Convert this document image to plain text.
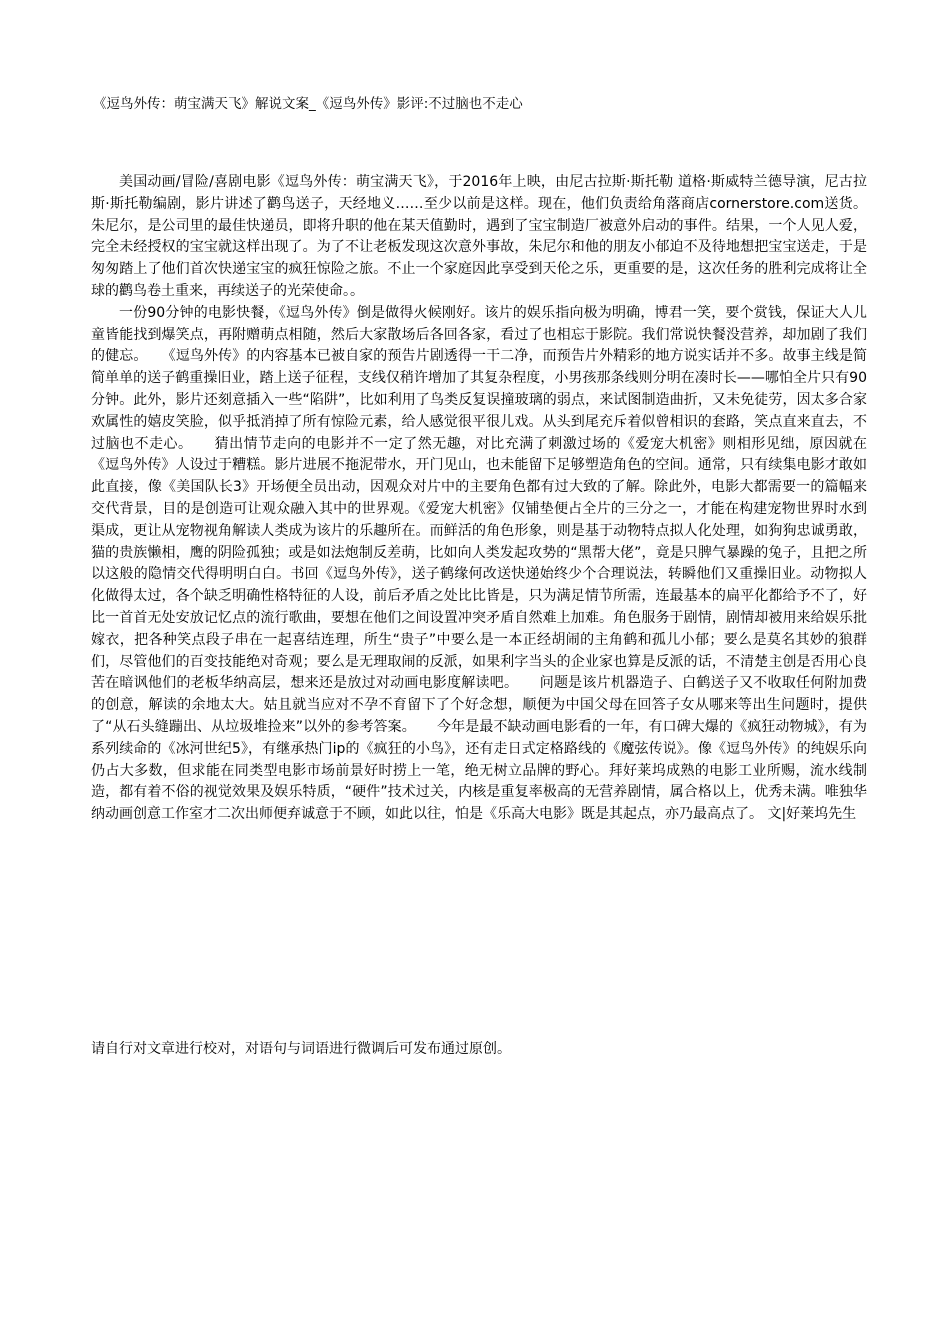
《逗鸟外传：萌宝满天飞》解说文案_《逗鸟外传》影评:不过脑也不走心

美国动画/冒险/喜剧电影《逗鸟外传：萌宝满天飞》，于2016年上映，由尼古拉斯·斯托勒 道格·斯威特兰德导演，尼古拉斯·斯托勒编剧，影片讲述了鹳鸟送子，天经地义……至少以前是这样。现在，他们负责给角落商店cornerstore.com送货。朱尼尔，是公司里的最佳快递员，即将升职的他在某天值勤时，遇到了宝宝制造厂被意外启动的事件。结果，一个人见人爱，完全未经授权的宝宝就这样出现了。为了不让老板发现这次意外事故，朱尼尔和他的朋友小郁迫不及待地想把宝宝送走，于是匆匆踏上了他们首次快递宝宝的疯狂惊险之旅。不止一个家庭因此享受到天伦之乐，更重要的是，这次任务的胜利完成将让全球的鹳鸟卷土重来，再续送子的光荣使命。。

一份90分钟的电影快餐，《逗鸟外传》倒是做得火候刚好。该片的娱乐指向极为明确，博君一笑，要个赏钱，保证大人儿童皆能找到爆笑点，再附赠萌点相随，然后大家散场后各回各家，看过了也相忘于影院。我们常说快餐没营养，却加剧了我们的健忘。　　《逗鸟外传》的内容基本已被自家的预告片剧透得一干二净，而预告片外精彩的地方说实话并不多。故事主线是简简单单的送子鹤重操旧业，踏上送子征程，支线仅稍许增加了其复杂程度，小男孩那条线则分明在凑时长——哪怕全片只有90分钟。此外，影片还刻意插入一些“陷阱”，比如利用了鸟类反复误撞玻璃的弱点，来试图制造曲折，又未免徒劳，因太多合家欢属性的嬉皮笑脸，似乎抵消掉了所有惊险元素，给人感觉很平很儿戏。从头到尾充斥着似曾相识的套路，笑点直来直去，不过脑也不走心。　　猜出情节走向的电影并不一定了然无趣，对比充满了刺激过场的《爱宠大机密》则相形见绌，原因就在《逗鸟外传》人设过于糟糕。影片进展不拖泥带水，开门见山，也未能留下足够塑造角色的空间。通常，只有续集电影才敢如此直接，像《美国队长3》开场便全员出动，因观众对片中的主要角色都有过大致的了解。除此外，电影大都需要一的篇幅来交代背景，目的是创造可让观众融入其中的世界观。《爱宠大机密》仅铺垫便占全片的三分之一，才能在构建宠物世界时水到渠成，更让从宠物视角解读人类成为该片的乐趣所在。而鲜活的角色形象，则是基于动物特点拟人化处理，如狗狗忠诚勇敢，猫的贵族懒相，鹰的阴险孤独；或是如法炮制反差萌，比如向人类发起攻势的“黑帮大佬”，竟是只脾气暴躁的兔子，且把之所以这般的隐情交代得明明白白。书回《逗鸟外传》，送子鹤缘何改送快递始终少个合理说法，转瞬他们又重操旧业。动物拟人化做得太过，各个缺乏明确性格特征的人设，前后矛盾之处比比皆是，只为满足情节所需，连最基本的扁平化都给予不了，好比一首首无处安放记忆点的流行歌曲，要想在他们之间设置冲突矛盾自然难上加难。角色服务于剧情，剧情却被用来给娱乐批嫁衣，把各种笑点段子串在一起喜结连理，所生“贵子”中要么是一本正经胡闹的主角鹤和孤儿小郁；要么是莫名其妙的狼群们，尽管他们的百变技能绝对奇观；要么是无理取闹的反派，如果利字当头的企业家也算是反派的话，不清楚主创是否用心良苦在暗讽他们的老板华纳高层，想来还是放过对动画电影度解读吧。　　问题是该片机器造子、白鹤送子又不收取任何附加费的创意，解读的余地太大。姑且就当应对不孕不育留下了个好念想，顺便为中国父母在回答子女从哪来等出生问题时，提供了“从石头缝蹦出、从垃圾堆捡来”以外的参考答案。　　今年是最不缺动画电影看的一年，有口碑大爆的《疯狂动物城》，有为系列续命的《冰河世纪5》，有继承热门ip的《疯狂的小鸟》，还有走日式定格路线的《魔弦传说》。像《逗鸟外传》的纯娱乐向仍占大多数，但求能在同类型电影市场前景好时捞上一笔，绝无树立品牌的野心。拜好莱坞成熟的电影工业所赐，流水线制造，都有着不俗的视觉效果及娱乐特质，“硬件”技术过关，内核是重复率极高的无营养剧情，属合格以上，优秀未满。唯独华纳动画创意工作室才二次出师便弃诚意于不顾，如此以往，怕是《乐高大电影》既是其起点，亦乃最高点了。 文|好莱坞先生

请自行对文章进行校对，对语句与词语进行微调后可发布通过原创。
